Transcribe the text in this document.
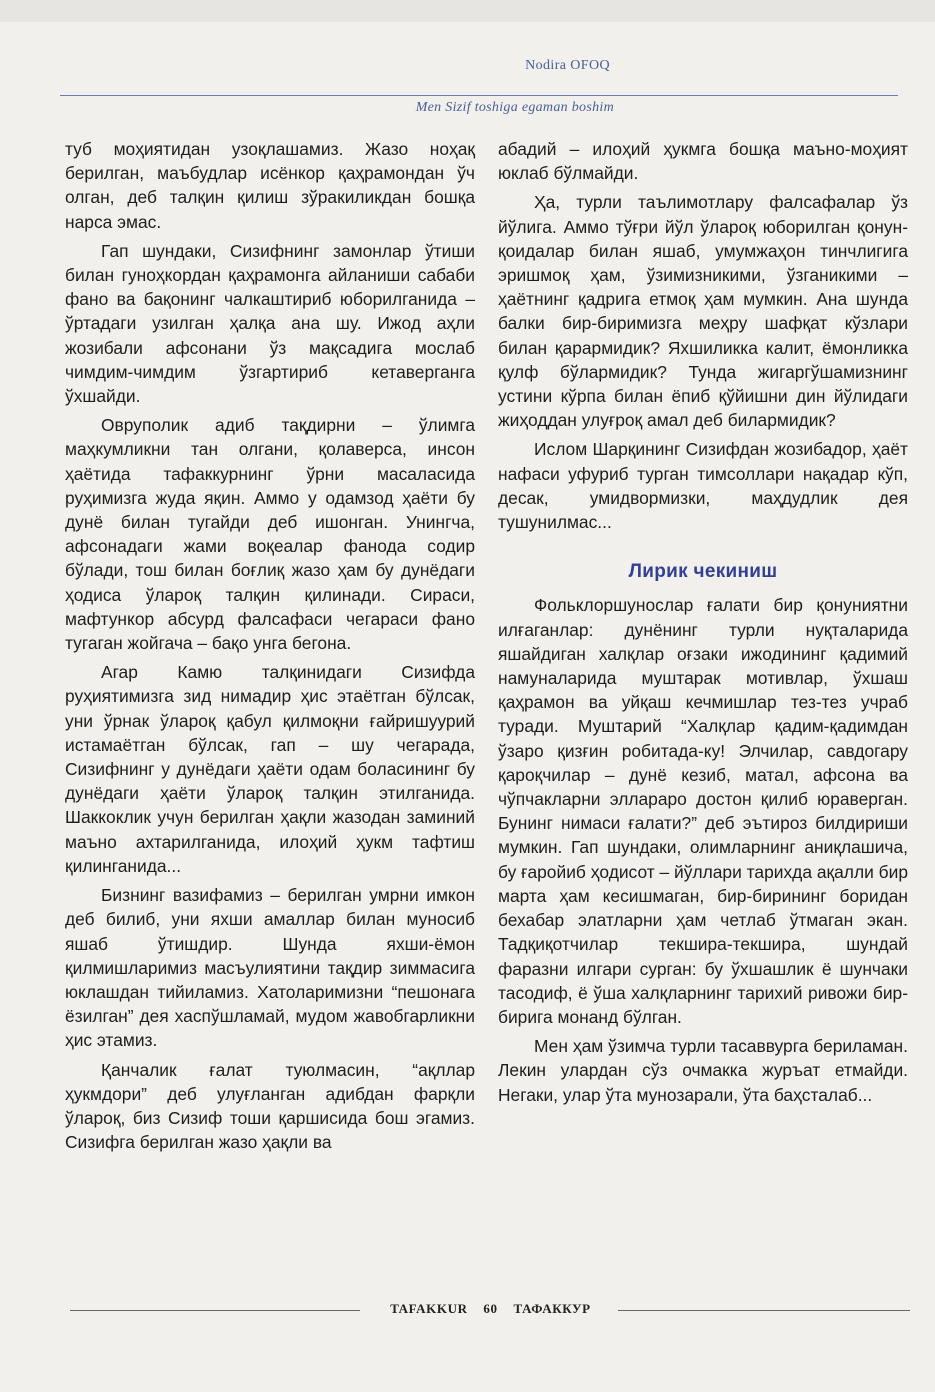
Nodira OFOQ
Men Sizif toshiga egaman boshim

туб моҳиятидан узоқлашамиз. Жазо ноҳақ берилган, маъбудлар исёнкор қаҳрамондан ўч олган, деб талқин қилиш зўракиликдан бошқа нарса эмас.

Гап шундаки, Сизифнинг замонлар ўтиши билан гуноҳкордан қаҳрамонга айланиши сабаби фано ва бақонинг чалкаштириб юборилганида – ўртадаги узилган ҳалқа ана шу. Ижод аҳли жозибали афсонани ўз мақсадига мослаб чимдим-чимдим ўзгартириб кетаверганга ўхшайди.

Овруполик адиб тақдирни – ўлимга маҳкумликни тан олгани, қолаверса, инсон ҳаётида тафаккурнинг ўрни масаласида руҳимизга жуда яқин. Аммо у одамзод ҳаёти бу дунё билан тугайди деб ишонган. Унингча, афсонадаги жами воқеалар фанода содир бўлади, тош билан боғлиқ жазо ҳам бу дунёдаги ҳодиса ўлароқ талқин қилинади. Сираси, мафтункор абсурд фалсафаси чегараси фано тугаган жойгача – бақо унга бегона.

Агар Камю талқинидаги Сизифда руҳиятимизга зид нимадир ҳис этаётган бўлсак, уни ўрнак ўлароқ қабул қилмоқни ғайришуурий истамаётган бўлсак, гап – шу чегарада, Сизифнинг у дунёдаги ҳаёти одам боласининг бу дунёдаги ҳаёти ўлароқ талқин этилганида. Шаккоклик учун берилган ҳақли жазодан заминий маъно ахтарилганида, илоҳий ҳукм тафтиш қилинганида...

Бизнинг вазифамиз – берилган умрни имкон деб билиб, уни яхши амаллар билан муносиб яшаб ўтишдир. Шунда яхши-ёмон қилмишларимиз масъулиятини тақдир зиммасига юклашдан тийиламиз. Хатоларимизни “пешонага ёзилган” дея хаспўшламай, мудом жавобгарликни ҳис этамиз.

Қанчалик ғалат туюлмасин, “ақллар ҳукмдори” деб улуғланган адибдан фарқли ўлароқ, биз Сизиф тоши қаршисида бош эгамиз. Сизифга берилган жазо ҳақли ва

абадий – илоҳий ҳукмга бошқа маъно-моҳият юклаб бўлмайди.

Ҳа, турли таълимотлару фалсафалар ўз йўлига. Аммо тўғри йўл ўлароқ юборилган қонун-қоидалар билан яшаб, умумжаҳон тинчлигига эришмоқ ҳам, ўзимизникими, ўзганикими – ҳаётнинг қадрига етмоқ ҳам мумкин. Ана шунда балки бир-биримизга меҳру шафқат кўзлари билан қарармидик? Яхшиликка калит, ёмонликка қулф бўлармидик? Тунда жигаргўшамизнинг устини кўрпа билан ёпиб қўйишни дин йўлидаги жиҳоддан улуғроқ амал деб билармидик?

Ислом Шарқининг Сизифдан жозибадор, ҳаёт нафаси уфуриб турган тимсоллари нақадар кўп, десак, умидвормизки, маҳдудлик дея тушунилмас...

Лирик чекиниш

Фольклоршунослар ғалати бир қонуниятни илғаганлар: дунёнинг турли нуқталарида яшайдиган халқлар оғзаки ижодининг қадимий намуналарида муштарак мотивлар, ўхшаш қаҳрамон ва уйқаш кечмишлар тез-тез учраб туради. Муштарий “Халқлар қадим-қадимдан ўзаро қизғин робитада-ку! Элчилар, савдогару қароқчилар – дунё кезиб, матал, афсона ва чўпчакларни элларaро достон қилиб юраверган. Бунинг нимаси ғалати?” деб эътироз билдириши мумкин. Гап шундаки, олимларнинг аниқлашича, бу ғаройиб ҳодисот – йўллари тарихда ақалли бир марта ҳам кесишмаган, бир-бирининг боридан бехабар элатларни ҳам четлаб ўтмаган экан. Тадқиқотчилар текшира-текшира, шундай фаразни илгари сурган: бу ўхшашлик ё шунчаки тасодиф, ё ўша халқларнинг тарихий ривожи бир-бирига монанд бўлган.

Мен ҳам ўзимча турли тасаввурга бериламан. Лекин улардан сўз очмакка журъат етмайди. Негаки, улар ўта мунозарали, ўта баҳсталаб...

TAFAKKUR 60 ТАФАККУР
